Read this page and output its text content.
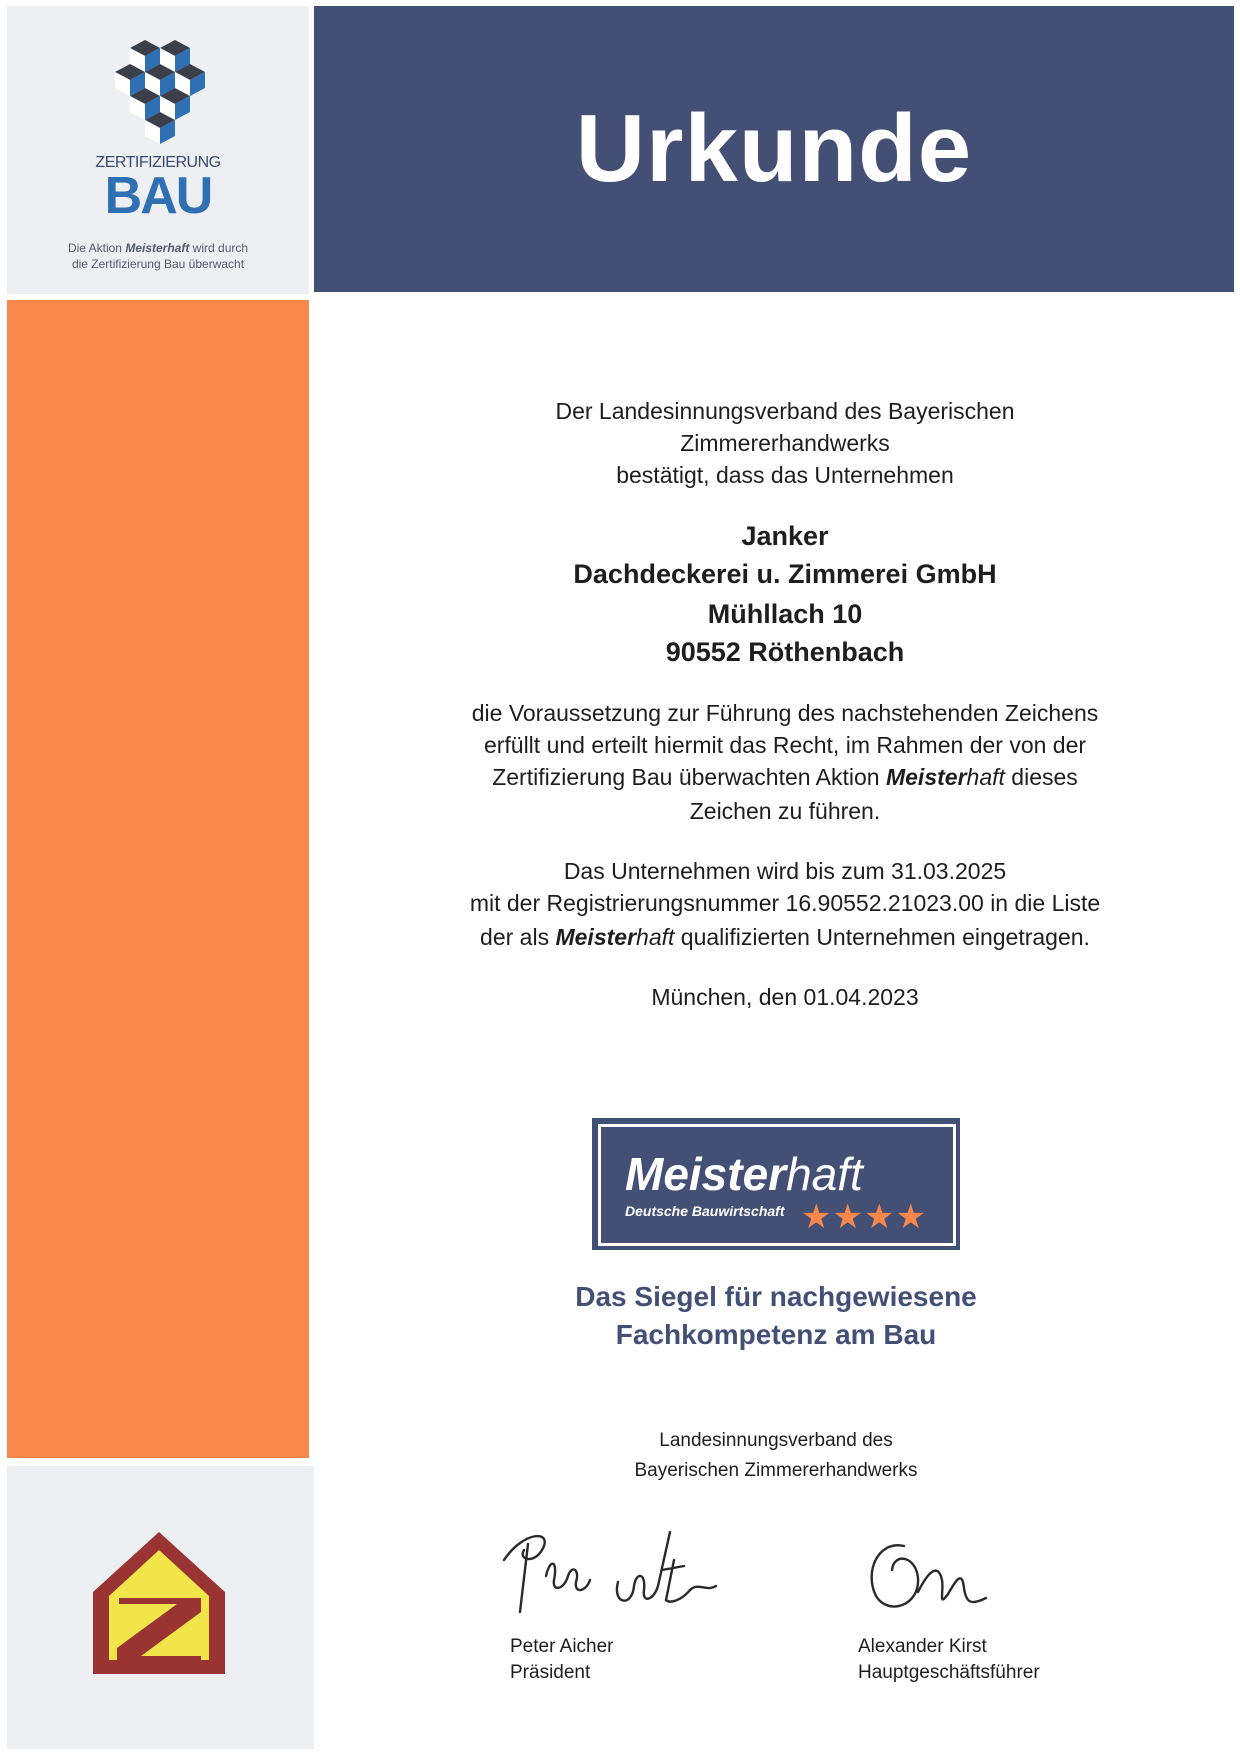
ZERTIFIZIERUNG
BAU
Die Aktion Meisterhaft wird durch
die Zertifizierung Bau überwacht
Urkunde
Der Landesinnungsverband des Bayerischen
Zimmererhandwerks
bestätigt, dass das Unternehmen
Janker
Dachdeckerei u. Zimmerei GmbH
Mühllach 10
90552 Röthenbach
die Voraussetzung zur Führung des nachstehenden Zeichens
erfüllt und erteilt hiermit das Recht, im Rahmen der von der
Zertifizierung Bau überwachten Aktion Meisterhaft dieses
Zeichen zu führen.
Das Unternehmen wird bis zum 31.03.2025
mit der Registrierungsnummer 16.90552.21023.00 in die Liste
der als Meisterhaft qualifizierten Unternehmen eingetragen.
München, den 01.04.2023
Meisterhaft
Deutsche Bauwirtschaft ★★★★
Das Siegel für nachgewiesene
Fachkompetenz am Bau
Landesinnungsverband des
Bayerischen Zimmererhandwerks
Peter Aicher
Präsident
Alexander Kirst
Hauptgeschäftsführer
